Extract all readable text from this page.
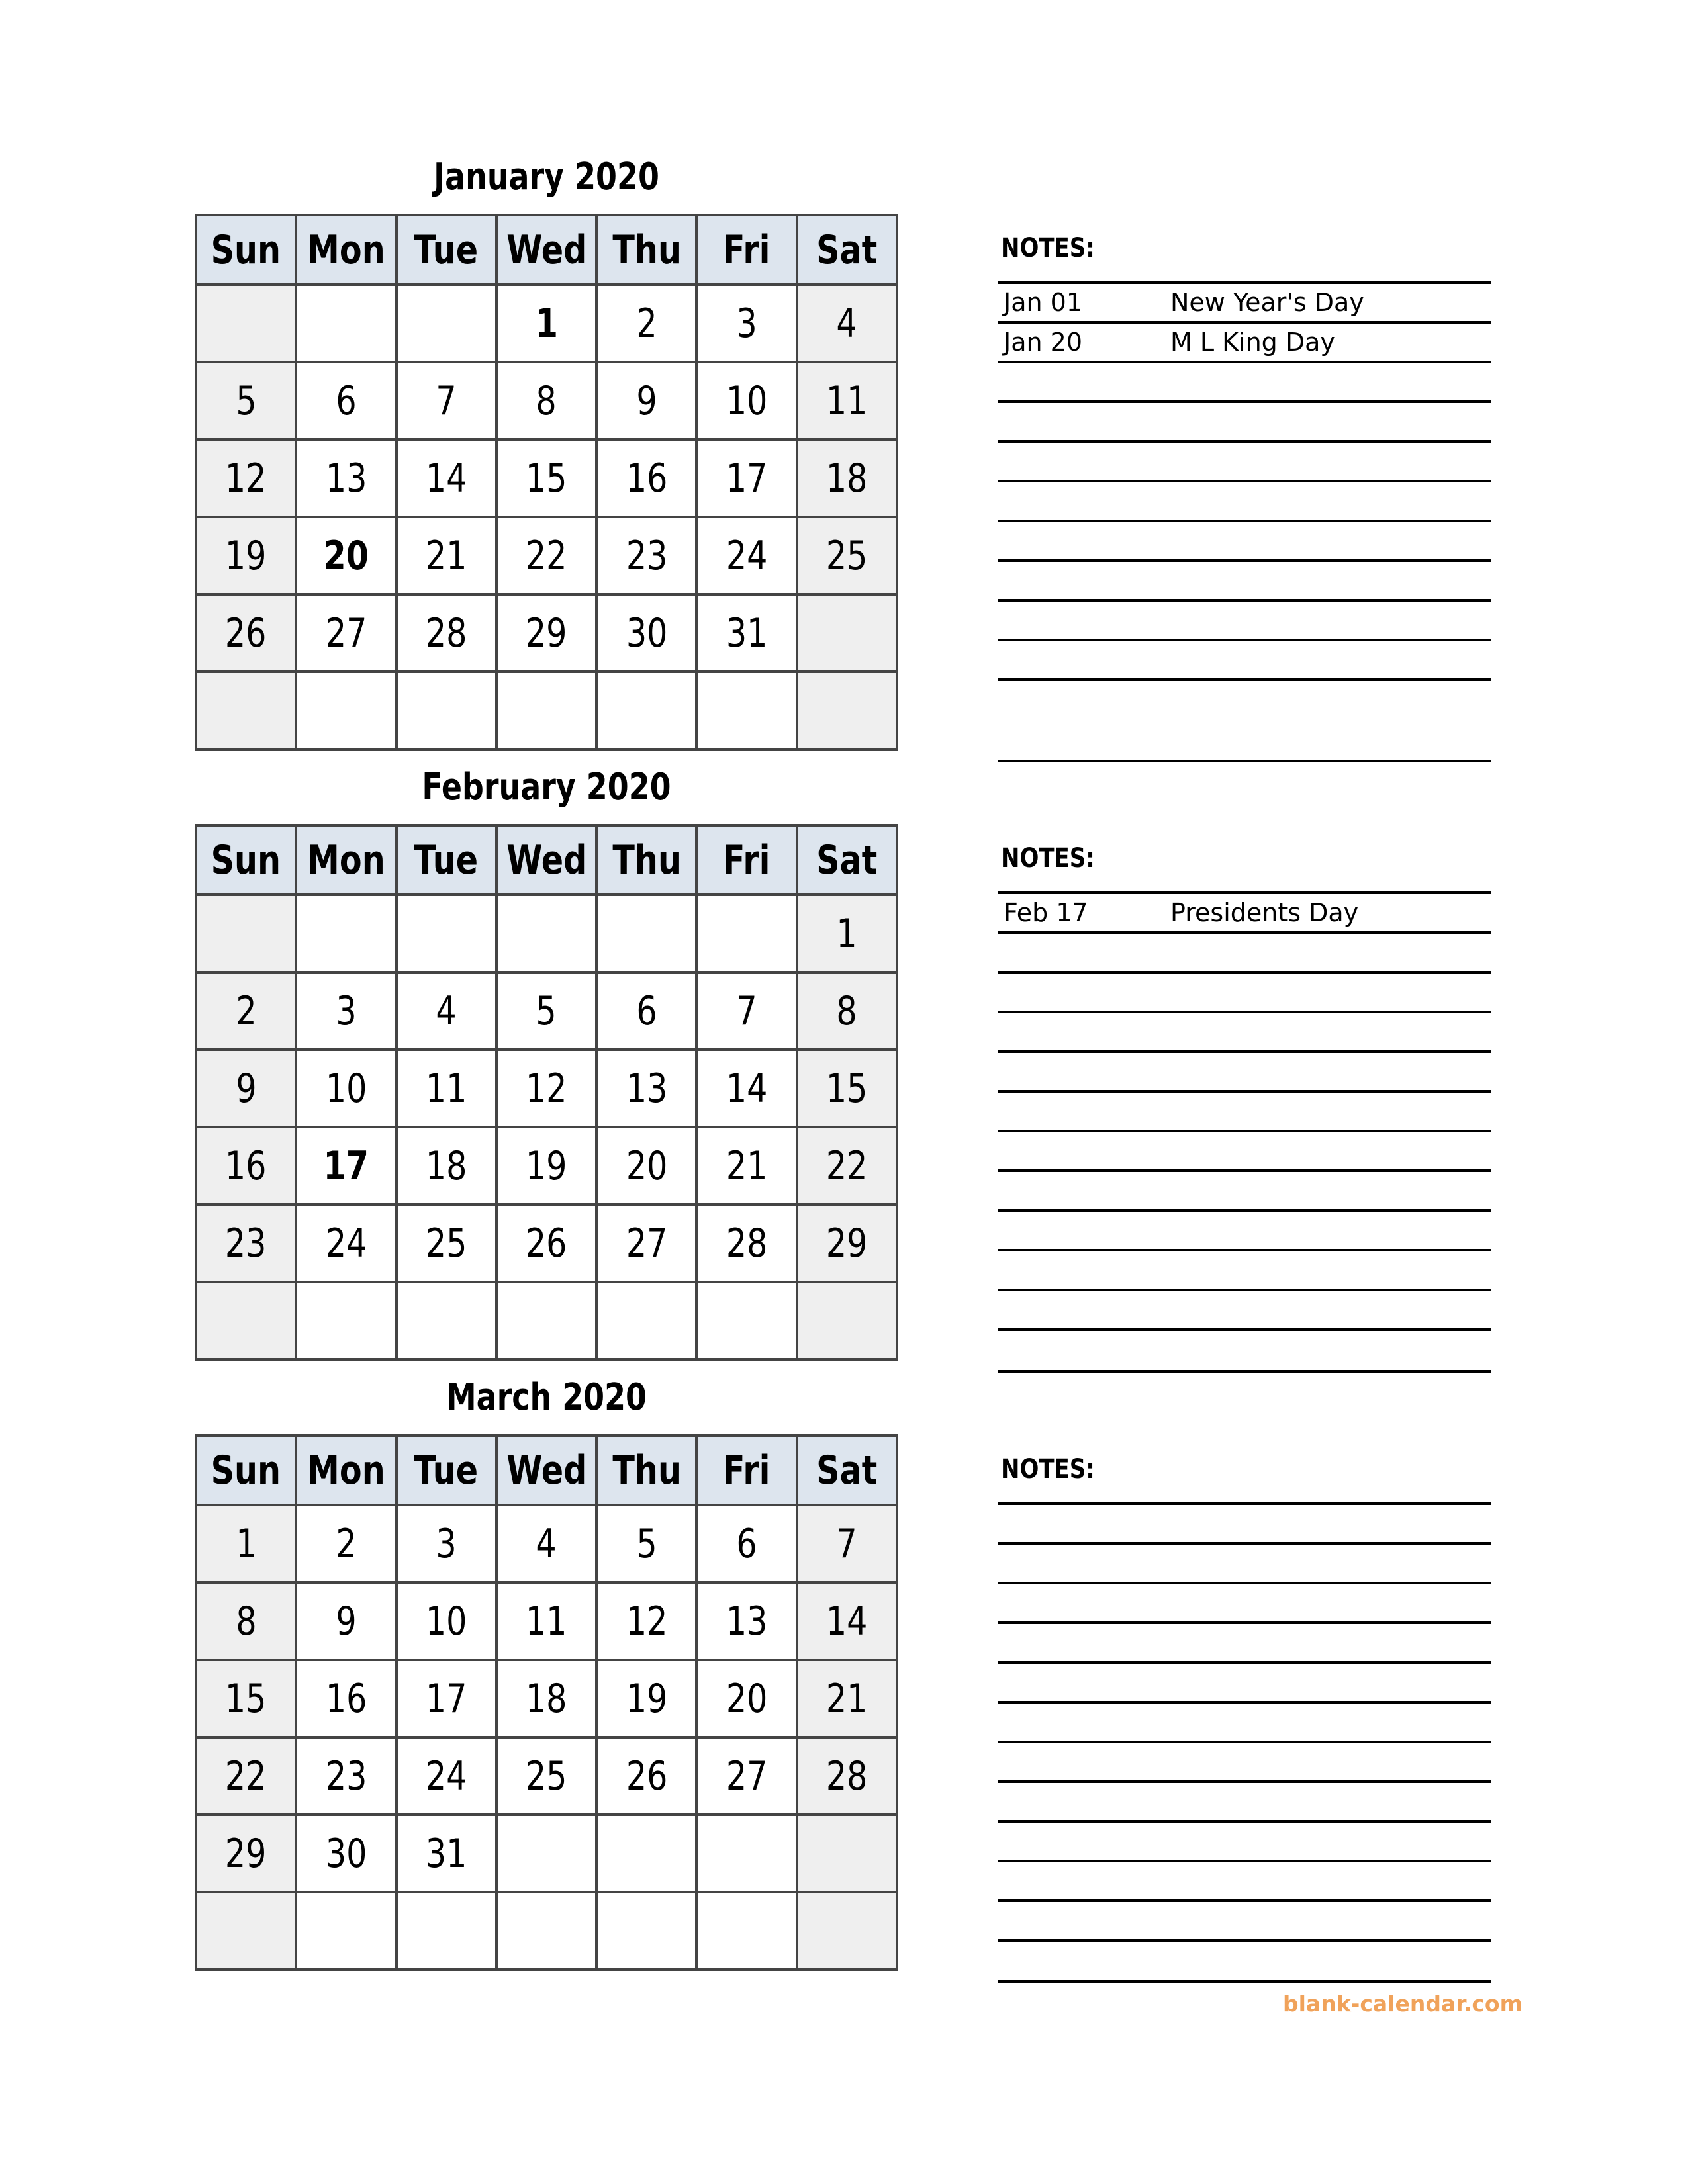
January 2020
Sun	Mon	Tue	Wed	Thu	Fri	Sat
			1	2	3	4
5	6	7	8	9	10	11
12	13	14	15	16	17	18
19	20	21	22	23	24	25
26	27	28	29	30	31	

NOTES:
Jan 01	New Year's Day
Jan 20	M L King Day
February 2020
Sun	Mon	Tue	Wed	Thu	Fri	Sat
						1
2	3	4	5	6	7	8
9	10	11	12	13	14	15
16	17	18	19	20	21	22
23	24	25	26	27	28	29

NOTES:
Feb 17	Presidents Day
March 2020
Sun	Mon	Tue	Wed	Thu	Fri	Sat
1	2	3	4	5	6	7
8	9	10	11	12	13	14
15	16	17	18	19	20	21
22	23	24	25	26	27	28
29	30	31				

NOTES:
blank-calendar.com
